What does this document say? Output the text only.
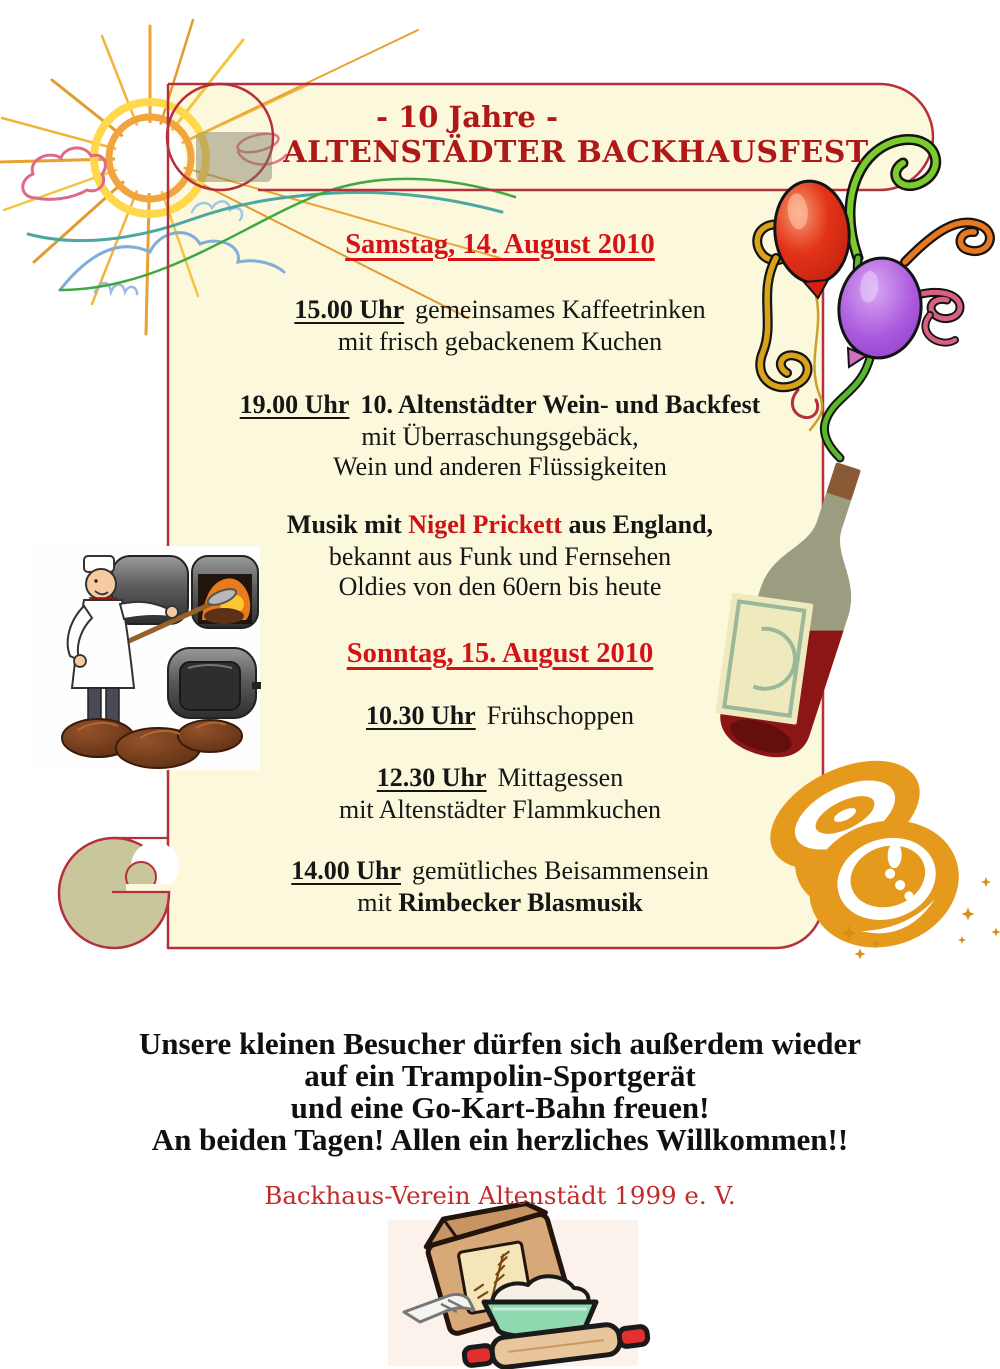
- 10 Jahre -
ALTENSTÄDTER BACKHAUSFEST
Samstag, 14. August 2010
15.00 Uhr gemeinsames Kaffeetrinken
mit frisch gebackenem Kuchen
19.00 Uhr 10. Altenstädter Wein- und Backfest
mit Überraschungsgebäck,
Wein und anderen Flüssigkeiten
Musik mit Nigel Prickett aus England,
bekannt aus Funk und Fernsehen
Oldies von den 60ern bis heute
Sonntag, 15. August 2010
10.30 Uhr Frühschoppen
12.30 Uhr Mittagessen
mit Altenstädter Flammkuchen
14.00 Uhr gemütliches Beisammensein
mit Rimbecker Blasmusik
Unsere kleinen Besucher dürfen sich außerdem wieder
auf ein Trampolin-Sportgerät
und eine Go-Kart-Bahn freuen!
An beiden Tagen! Allen ein herzliches Willkommen!!
Backhaus-Verein Altenstädt 1999 e. V.
